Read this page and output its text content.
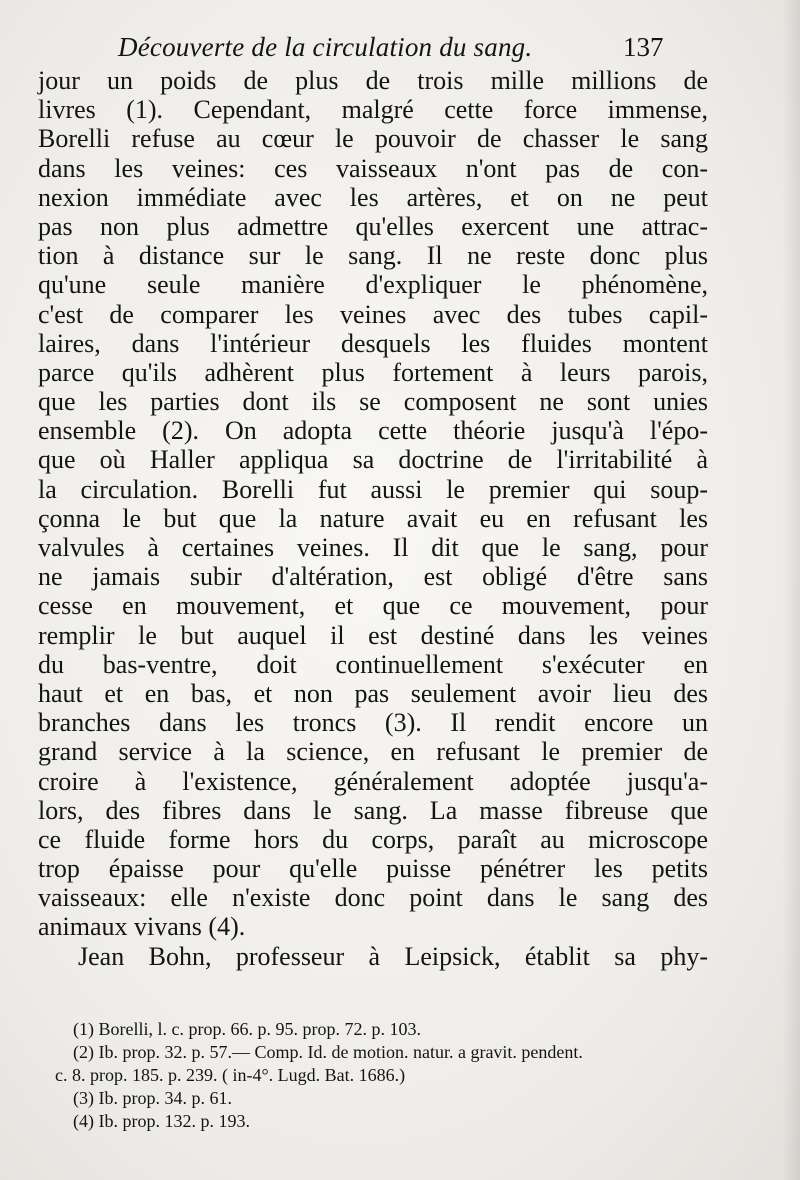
Découverte de la circulation du sang.	137
jour un poids de plus de trois mille millions de
livres (1). Cependant, malgré cette force immense,
Borelli refuse au cœur le pouvoir de chasser le sang
dans les veines: ces vaisseaux n'ont pas de con-
nexion immédiate avec les artères, et on ne peut
pas non plus admettre qu'elles exercent une attrac-
tion à distance sur le sang. Il ne reste donc plus
qu'une seule manière d'expliquer le phénomène,
c'est de comparer les veines avec des tubes capil-
laires, dans l'intérieur desquels les fluides montent
parce qu'ils adhèrent plus fortement à leurs parois,
que les parties dont ils se composent ne sont unies
ensemble (2). On adopta cette théorie jusqu'à l'épo-
que où Haller appliqua sa doctrine de l'irritabilité à
la circulation. Borelli fut aussi le premier qui soup-
çonna le but que la nature avait eu en refusant les
valvules à certaines veines. Il dit que le sang, pour
ne jamais subir d'altération, est obligé d'être sans
cesse en mouvement, et que ce mouvement, pour
remplir le but auquel il est destiné dans les veines
du bas-ventre, doit continuellement s'exécuter en
haut et en bas, et non pas seulement avoir lieu des
branches dans les troncs (3). Il rendit encore un
grand service à la science, en refusant le premier de
croire à l'existence, généralement adoptée jusqu'a-
lors, des fibres dans le sang. La masse fibreuse que
ce fluide forme hors du corps, paraît au microscope
trop épaisse pour qu'elle puisse pénétrer les petits
vaisseaux: elle n'existe donc point dans le sang des
animaux vivans (4).
Jean Bohn, professeur à Leipsick, établit sa phy-
(1) Borelli, l. c. prop. 66. p. 95. prop. 72. p. 103.
(2) Ib. prop. 32. p. 57.— Comp. Id. de motion. natur. a gravit. pendent.
c. 8. prop. 185. p. 239. ( in-4°. Lugd. Bat. 1686.)
(3) Ib. prop. 34. p. 61.
(4) Ib. prop. 132. p. 193.
